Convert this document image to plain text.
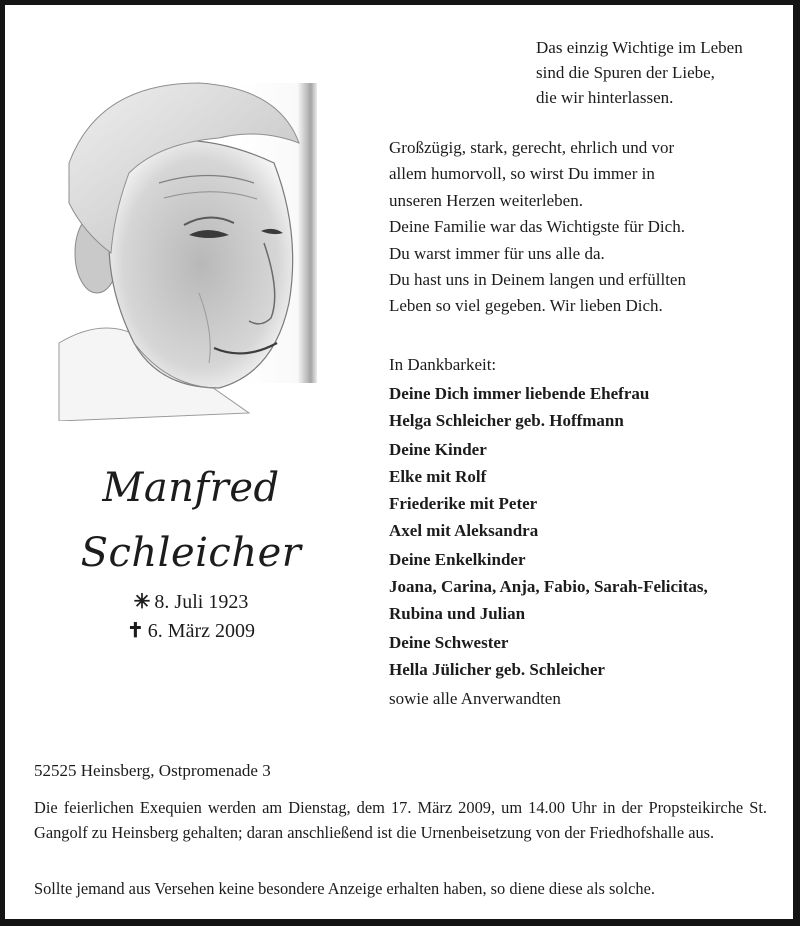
Manfred
Schleicher
✳ 8. Juli 1923
✝ 6. März 2009
Das einzig Wichtige im Leben
sind die Spuren der Liebe,
die wir hinterlassen.
Großzügig, stark, gerecht, ehrlich und vor
allem humorvoll, so wirst Du immer in
unseren Herzen weiterleben.
Deine Familie war das Wichtigste für Dich.
Du warst immer für uns alle da.
Du hast uns in Deinem langen und erfüllten
Leben so viel gegeben. Wir lieben Dich.
In Dankbarkeit:
Deine Dich immer liebende Ehefrau
Helga Schleicher geb. Hoffmann
Deine Kinder
Elke mit Rolf
Friederike mit Peter
Axel mit Aleksandra
Deine Enkelkinder
Joana, Carina, Anja, Fabio, Sarah-Felicitas,
Rubina und Julian
Deine Schwester
Hella Jülicher geb. Schleicher
sowie alle Anverwandten
52525 Heinsberg, Ostpromenade 3
Die feierlichen Exequien werden am Dienstag, dem 17. März 2009, um 14.00 Uhr in der Propsteikirche St. Gangolf zu Heinsberg gehalten; daran anschließend ist die Urnenbeisetzung von der Friedhofshalle aus.
Sollte jemand aus Versehen keine besondere Anzeige erhalten haben, so diene diese als solche.
